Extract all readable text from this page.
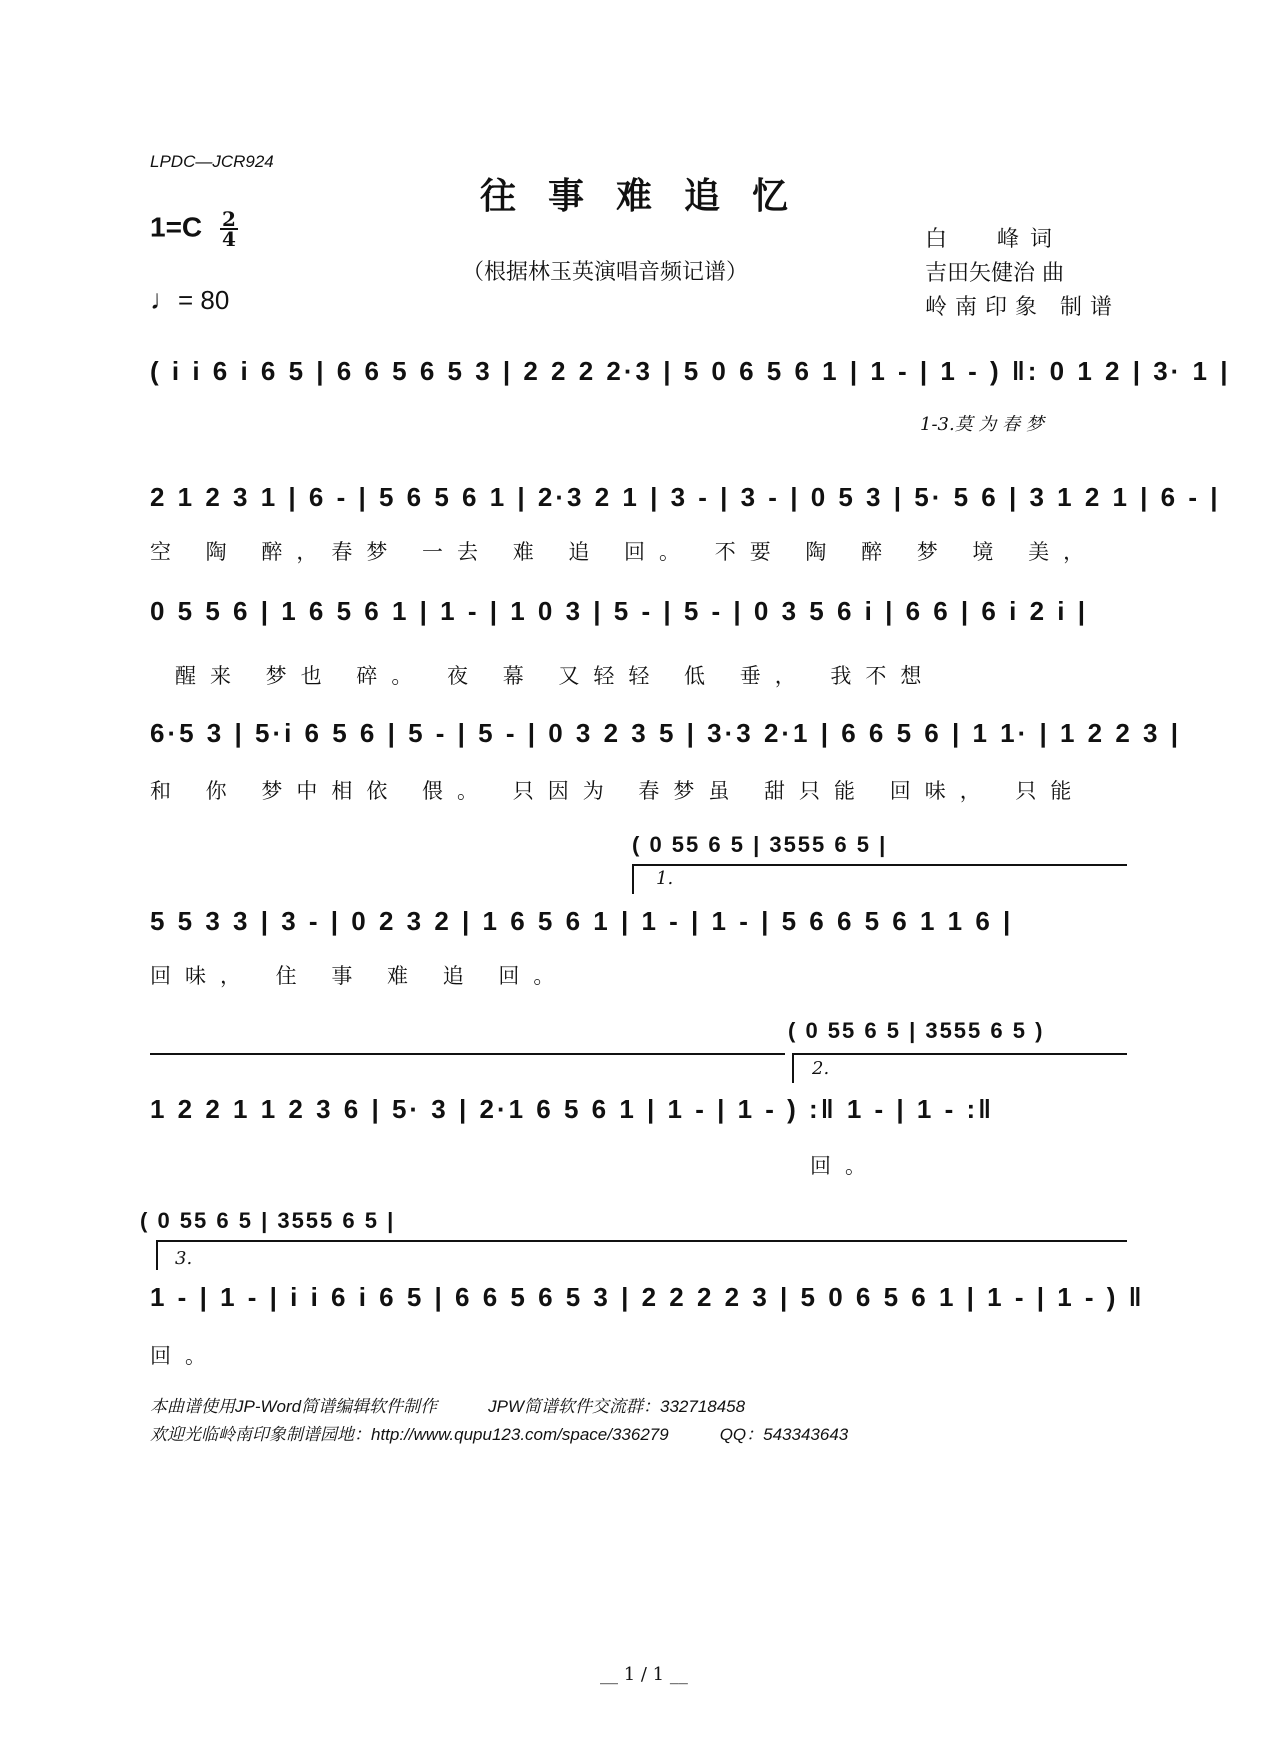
LPDC—JCR924
往事难追忆
$1=C \frac{2}{4}$
♩= 80
（根据林玉英演唱音频记谱）
白　　峰 词
吉田矢健治 曲
岭南印象 制谱
( i i 6 i 6 5 | 6 6 5 6 5 3 | 2 2 2 2·3 | 5 0 6 5 6 1 | 1 - | 1 - ) ‖: 0 1 2 | 3· 1 |
1-3.莫 为 春 梦
2 1 2 3 1 | 6 - | 5 6 5 6 1 | 2·3 2 1 | 3 - | 3 - | 0 5 3 | 5· 5 6 | 3 1 2 1 | 6 - |
空 陶 醉，春梦 一去 难 追 回。 不要 陶 醉 梦 境 美，
0 5 5 6 | 1 6 5 6 1 | 1 - | 1 0 3 | 5 - | 5 - | 0 3 5 6 i | 6 6 | 6 i 2 i |
醒来 梦也 碎。 夜 幕 又轻轻 低 垂， 我不想
6·5 3 | 5·i 6 5 6 | 5 - | 5 - | 0 3 2 3 5 | 3·3 2·1 | 6 6 5 6 | 1 1· | 1 2 2 3 |
和 你 梦中相依 偎。 只因为 春梦虽 甜只能 回味， 只能
( 0 55 6 5 | 3555 6 5 |
1.
5 5 3 3 | 3 - | 0 2 3 2 | 1 6 5 6 1 | 1 - | 1 - | 5 6 6 5 6 1 1 6 |
回味， 住 事 难 追 回。
( 0 55 6 5 | 3555 6 5 )
2.
1 2 2 1 1 2 3 6 | 5· 3 | 2·1 6 5 6 1 | 1 - | 1 - ) :‖ 1 - | 1 - :‖
回。
( 0 55 6 5 | 3555 6 5 |
3.
1 - | 1 - | i i 6 i 6 5 | 6 6 5 6 5 3 | 2 2 2 2 3 | 5 0 6 5 6 1 | 1 - | 1 - ) ‖
回。
本曲谱使用JP-Word简谱编辑软件制作　　　JPW简谱软件交流群：332718458
欢迎光临岭南印象制谱园地：http://www.qupu123.com/space/336279　　　QQ：543343643
__ 1 / 1 __
